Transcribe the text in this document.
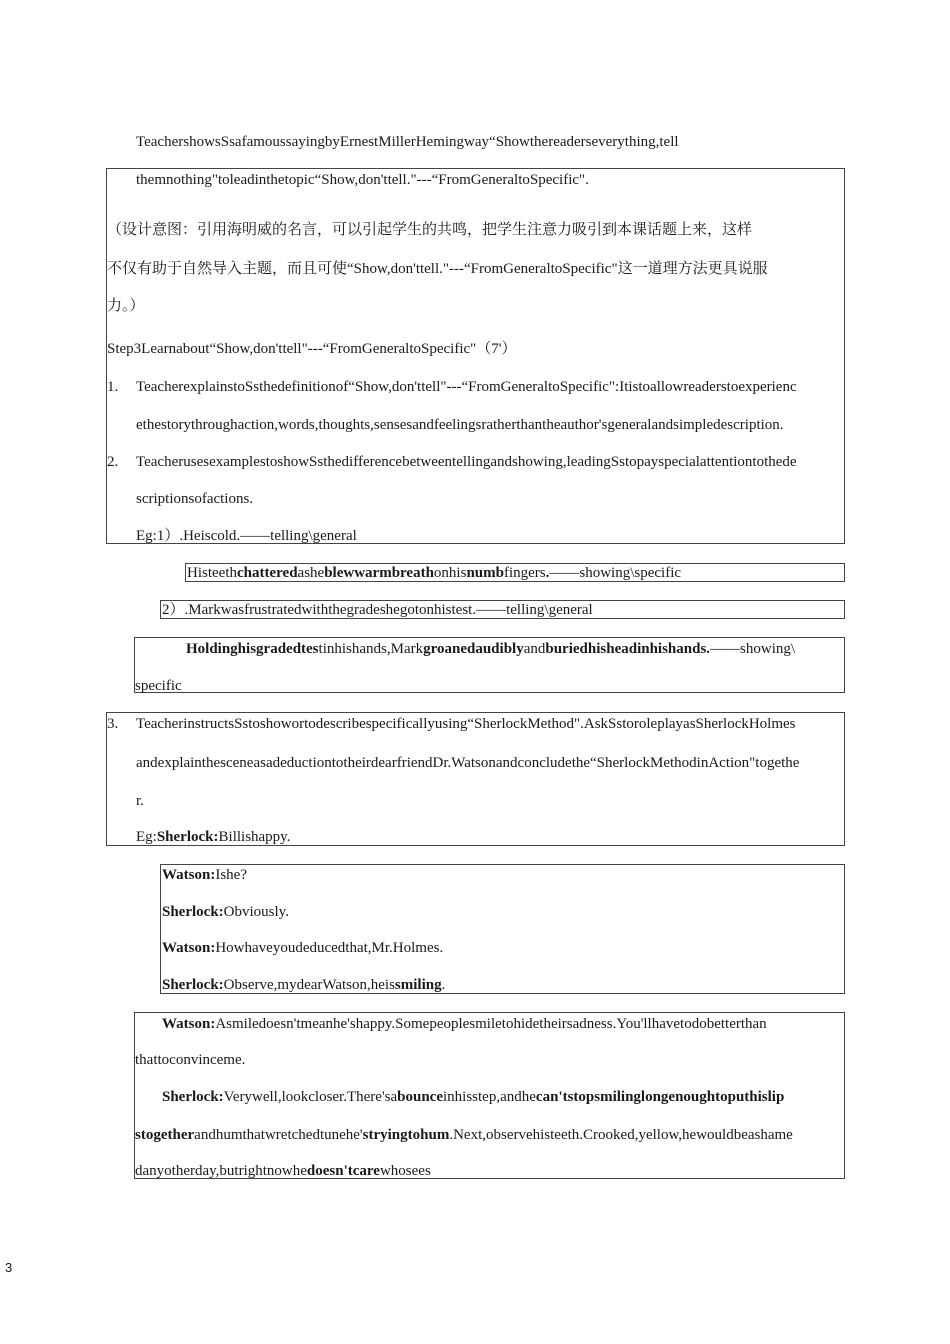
TeachershowsSsafamoussayingbyErnestMillerHemingway“Showthereaderseverything,tell
themnothing"toleadinthetopic“Show,don'ttell."---“FromGeneraltoSpecific".
（设计意图：引用海明威的名言，可以引起学生的共鸣，把学生注意力吸引到本课话题上来，这样
不仅有助于自然导入主题，而且可使“Show,don'ttell."---“FromGeneraltoSpecific"这一道理方法更具说服
力。）
Step3Learnabout“Show,don'ttell"---“FromGeneraltoSpecific"（7'）
1. TeacherexplainstoSsthedefinitionof“Show,don'ttell"---“FromGeneraltoSpecific":Itistoallowreaderstoexperienc
ethestorythroughaction,words,thoughts,sensesandfeelingsratherthantheauthor'sgeneralandsimpledescription.
2. TeacherusesexamplestoshowSsthedifferencebetweentellingandshowing,leadingSstopayspecialattentiontothede
scriptionsofactions.
Eg:1）.Heiscold.——telling\general
Histeethchatteredasheblewwarmbreathonhisnumbfingers.——showing\specific
2）.Markwasfrustratedwiththegradeshegotonhistest.——telling\general
Holdinghisgradedtestinhishands,Markgroanedaudiblyandburiedhisheadinhishands.——showing\
specific
3. TeacherinstructsSstoshowortodescribespecificallyusing“SherlockMethod".AskSstoroleplayasSherlockHolmes
andexplainthesceneasadeductiontotheirdearfriendDr.Watsonandconcludethe“SherlockMethodinAction"togethe
r.
Eg:Sherlock:Billishappy.
Watson:Ishe?
Sherlock:Obviously.
Watson:Howhaveyoudeducedthat,Mr.Holmes.
Sherlock:Observe,mydearWatson,heissmiling.
Watson:Asmiledoesn'tmeanhe'shappy.Somepeoplesmiletohidetheirsadness.You'llhavetodobetterthan
thattoconvinceme.
Sherlock:Verywell,lookcloser.There'sabounceinhisstep,andhecan'tstopsmilinglongenoughtoputhislip
stogetherandhumthatwretchedtunehe'stryingtohum.Next,observehisteeth.Crooked,yellow,hewouldbeashame
danyotherday,butrightnowhedoesn'tcarewhosees
3
